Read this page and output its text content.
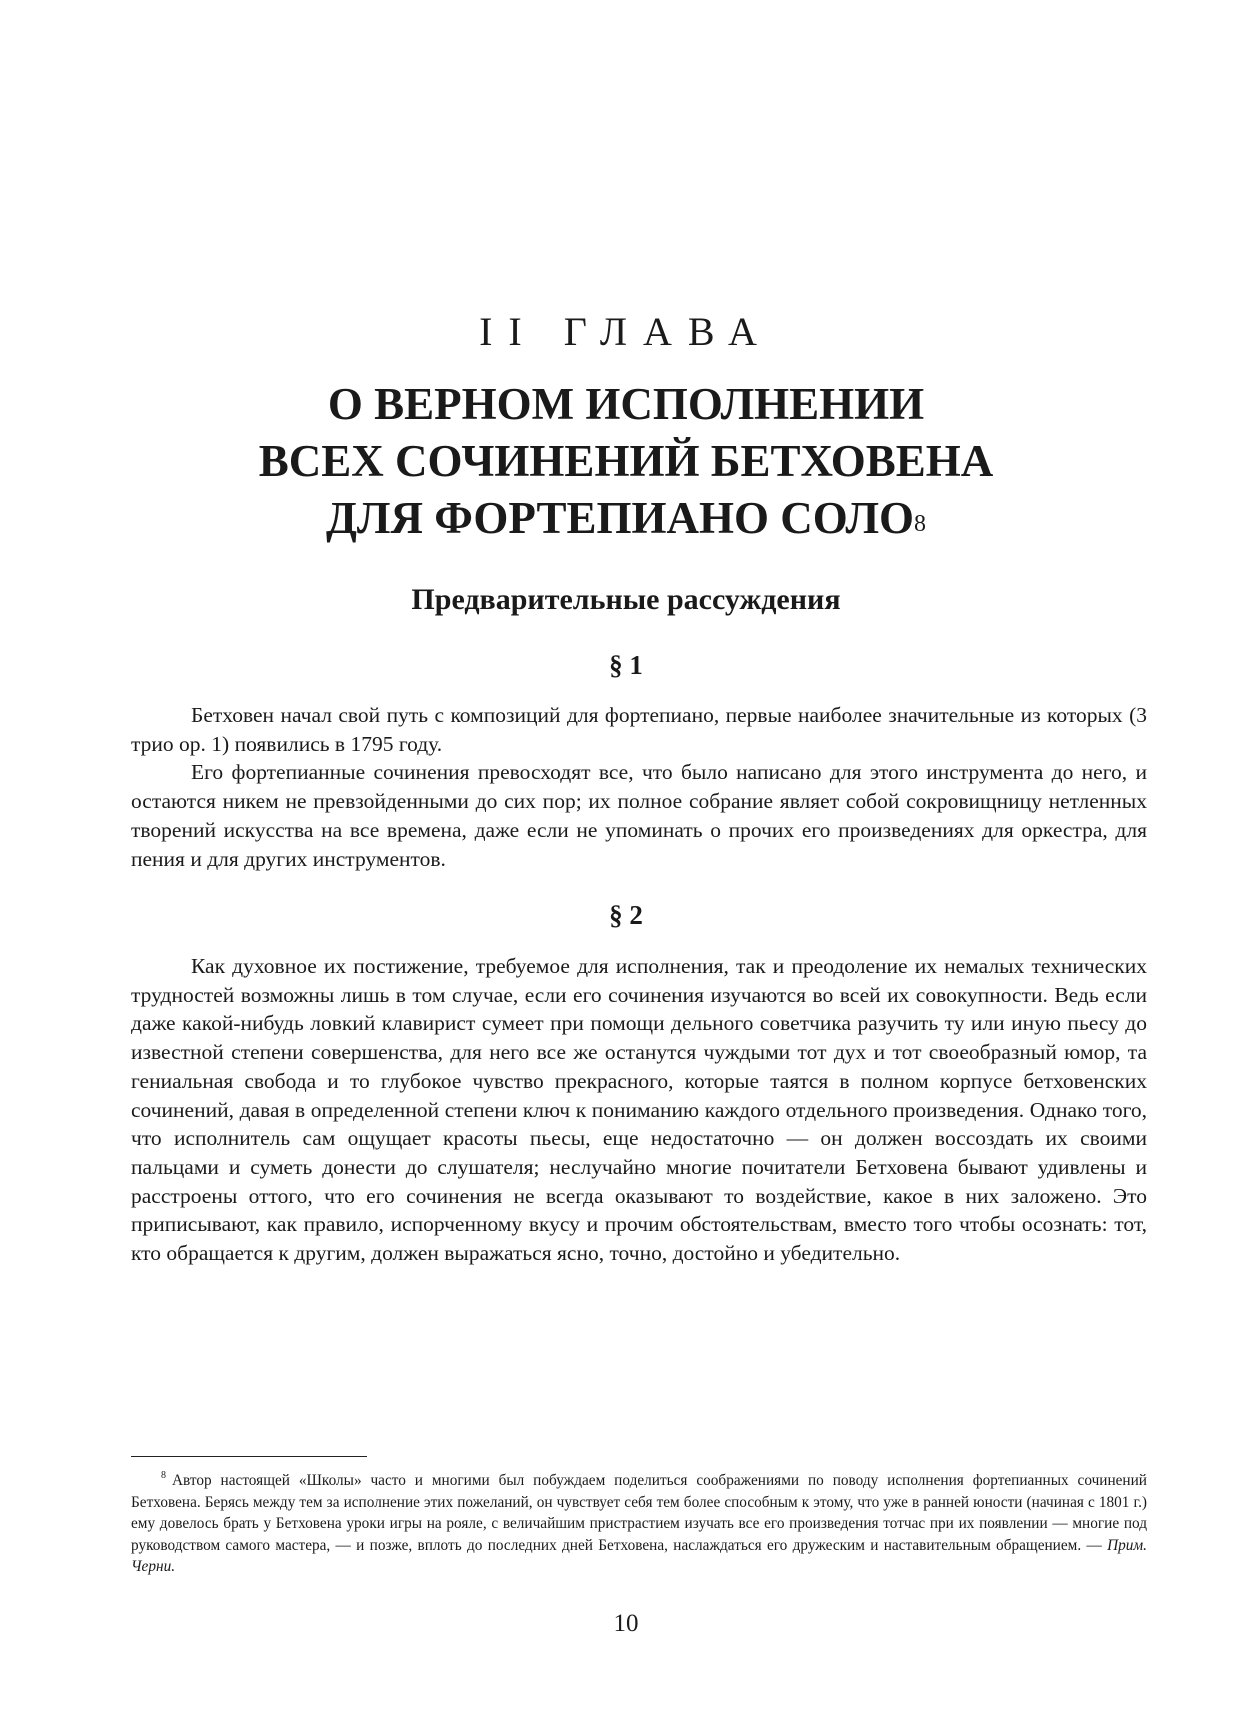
II ГЛАВА
О ВЕРНОМ ИСПОЛНЕНИИ
ВСЕХ СОЧИНЕНИЙ БЕТХОВЕНА
ДЛЯ ФОРТЕПИАНО СОЛО$^8$
Предварительные рассуждения
§ 1

Бетховен начал свой путь с композиций для фортепиано, первые наиболее значительные из которых (3 трио op. 1) появились в 1795 году.

Его фортепианные сочинения превосходят все, что было написано для этого инструмента до него, и остаются никем не превзойденными до сих пор; их полное собрание являет собой сокровищницу нетленных творений искусства на все времена, даже если не упоминать о прочих его произведениях для оркестра, для пения и для других инструментов.

§ 2

Как духовное их постижение, требуемое для исполнения, так и преодоление их немалых технических трудностей возможны лишь в том случае, если его сочинения изучаются во всей их совокупности. Ведь если даже какой-нибудь ловкий клавирист сумеет при помощи дельного советчика разучить ту или иную пьесу до известной степени совершенства, для него все же останутся чуждыми тот дух и тот своеобразный юмор, та гениальная свобода и то глубокое чувство прекрасного, которые таятся в полном корпусе бетховенских сочинений, давая в определенной степени ключ к пониманию каждого отдельного произведения. Однако того, что исполнитель сам ощущает красоты пьесы, еще недостаточно — он должен воссоздать их своими пальцами и суметь донести до слушателя; неслучайно многие почитатели Бетховена бывают удивлены и расстроены оттого, что его сочинения не всегда оказывают то воздействие, какое в них заложено. Это приписывают, как правило, испорченному вкусу и прочим обстоятельствам, вместо того чтобы осознать: тот, кто обращается к другим, должен выражаться ясно, точно, достойно и убедительно.

$^8$ Автор настоящей «Школы» часто и многими был побуждаем поделиться соображениями по поводу исполнения фортепианных сочинений Бетховена. Берясь между тем за исполнение этих пожеланий, он чувствует себя тем более способным к этому, что уже в ранней юности (начиная с 1801 г.) ему довелось брать у Бетховена уроки игры на рояле, с величайшим пристрастием изучать все его произведения тотчас при их появлении — многие под руководством самого мастера, — и позже, вплоть до последних дней Бетховена, наслаждаться его дружеским и наставительным обращением. — Прим. Черни.

10
